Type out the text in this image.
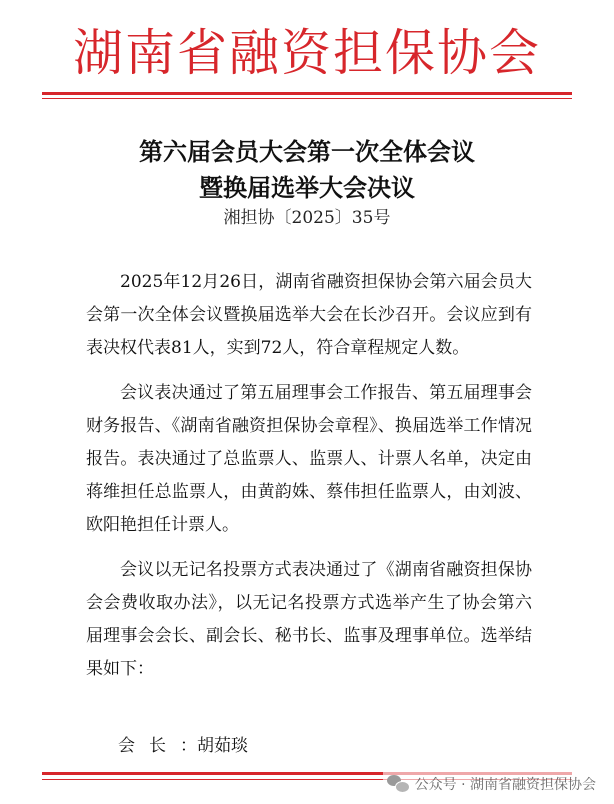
湖南省融资担保协会
第六届会员大会第一次全体会议
暨换届选举大会决议
湘担协〔2025〕35号

2025年12月26日，湖南省融资担保协会第六届会员大会第一次全体会议暨换届选举大会在长沙召开。会议应到有表决权代表81人，实到72人，符合章程规定人数。

会议表决通过了第五届理事会工作报告、第五届理事会财务报告、《湖南省融资担保协会章程》、换届选举工作情况报告。表决通过了总监票人、监票人、计票人名单，决定由蒋维担任总监票人，由黄韵姝、蔡伟担任监票人，由刘波、欧阳艳担任计票人。

会议以无记名投票方式表决通过了《湖南省融资担保协会会费收取办法》，以无记名投票方式选举产生了协会第六届理事会会长、副会长、秘书长、监事及理事单位。选举结果如下：

会长：胡茹琰
公众号 · 湖南省融资担保协会
